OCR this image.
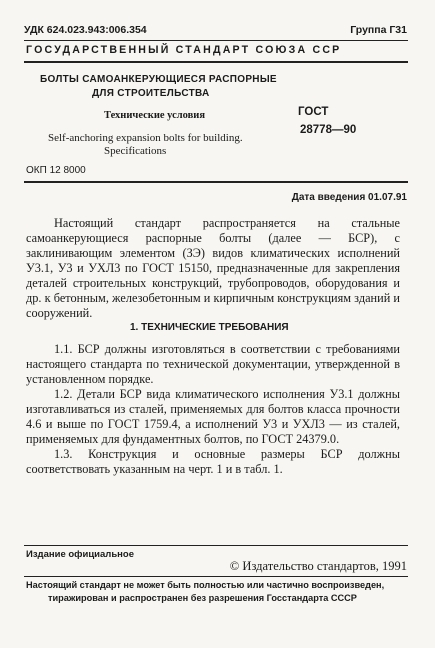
УДК 624.023.943:006.354	Группа Г31
ГОСУДАРСТВЕННЫЙ СТАНДАРТ СОЮЗА ССР
БОЛТЫ САМОАНКЕРУЮЩИЕСЯ РАСПОРНЫЕ
ДЛЯ СТРОИТЕЛЬСТВА
Технические условия
Self-anchoring expansion bolts for building.
Specifications
ГОСТ
28778—90
ОКП 12 8000
Дата введения 01.07.91

Настоящий стандарт распространяется на стальные самоанкерующиеся распорные болты (далее — БСР), с заклинивающим элементом (ЗЭ) видов климатических исполнений У3.1, У3 и УХЛ3 по ГОСТ 15150, предназначенные для закрепления деталей строительных конструкций, трубопроводов, оборудования и др. к бетонным, железобетонным и кирпичным конструкциям зданий и сооружений.

1. ТЕХНИЧЕСКИЕ ТРЕБОВАНИЯ

1.1. БСР должны изготовляться в соответствии с требованиями настоящего стандарта по технической документации, утвержденной в установленном порядке.

1.2. Детали БСР вида климатического исполнения У3.1 должны изготавливаться из сталей, применяемых для болтов класса прочности 4.6 и выше по ГОСТ 1759.4, а исполнений У3 и УХЛ3 — из сталей, применяемых для фундаментных болтов, по ГОСТ 24379.0.

1.3. Конструкция и основные размеры БСР должны соответствовать указанным на черт. 1 и в табл. 1.

Издание официальное
© Издательство стандартов, 1991
Настоящий стандарт не может быть полностью или частично воспроизведен,
тиражирован и распространен без разрешения Госстандарта СССР
